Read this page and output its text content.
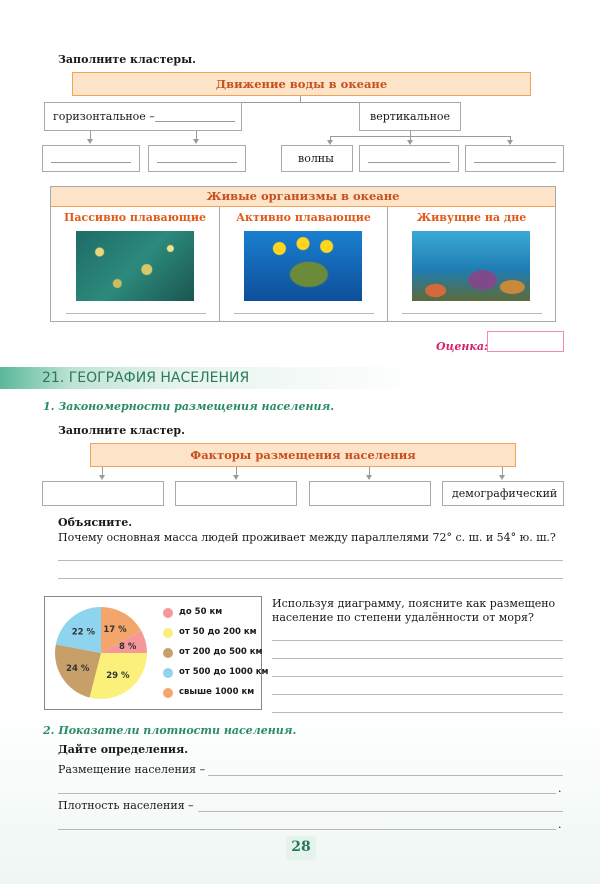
Заполните кластеры.
Движение воды в океане
горизонтальное –	вертикальное
волны
Живые организмы в океане
Пассивно плавающие	Активно плавающие	Живущие на дне
Оценка:
21. ГЕОГРАФИЯ НАСЕЛЕНИЯ
1. Закономерности размещения населения.
Заполните кластер.
Факторы размещения населения
демографический
Объясните.
Почему основная масса людей проживает между параллелями 72° с. ш. и 54° ю. ш.?
17 %
8 %
29 %
24 %
22 %
до 50 км
от 50 до 200 км
от 200 до 500 км
от 500 до 1000 км
свыше 1000 км
Используя диаграмму, поясните как размещено
население по степени удалённости от моря?
2. Показатели плотности населения.
Дайте определения.
Размещение населения –
.
Плотность населения –
.
28
